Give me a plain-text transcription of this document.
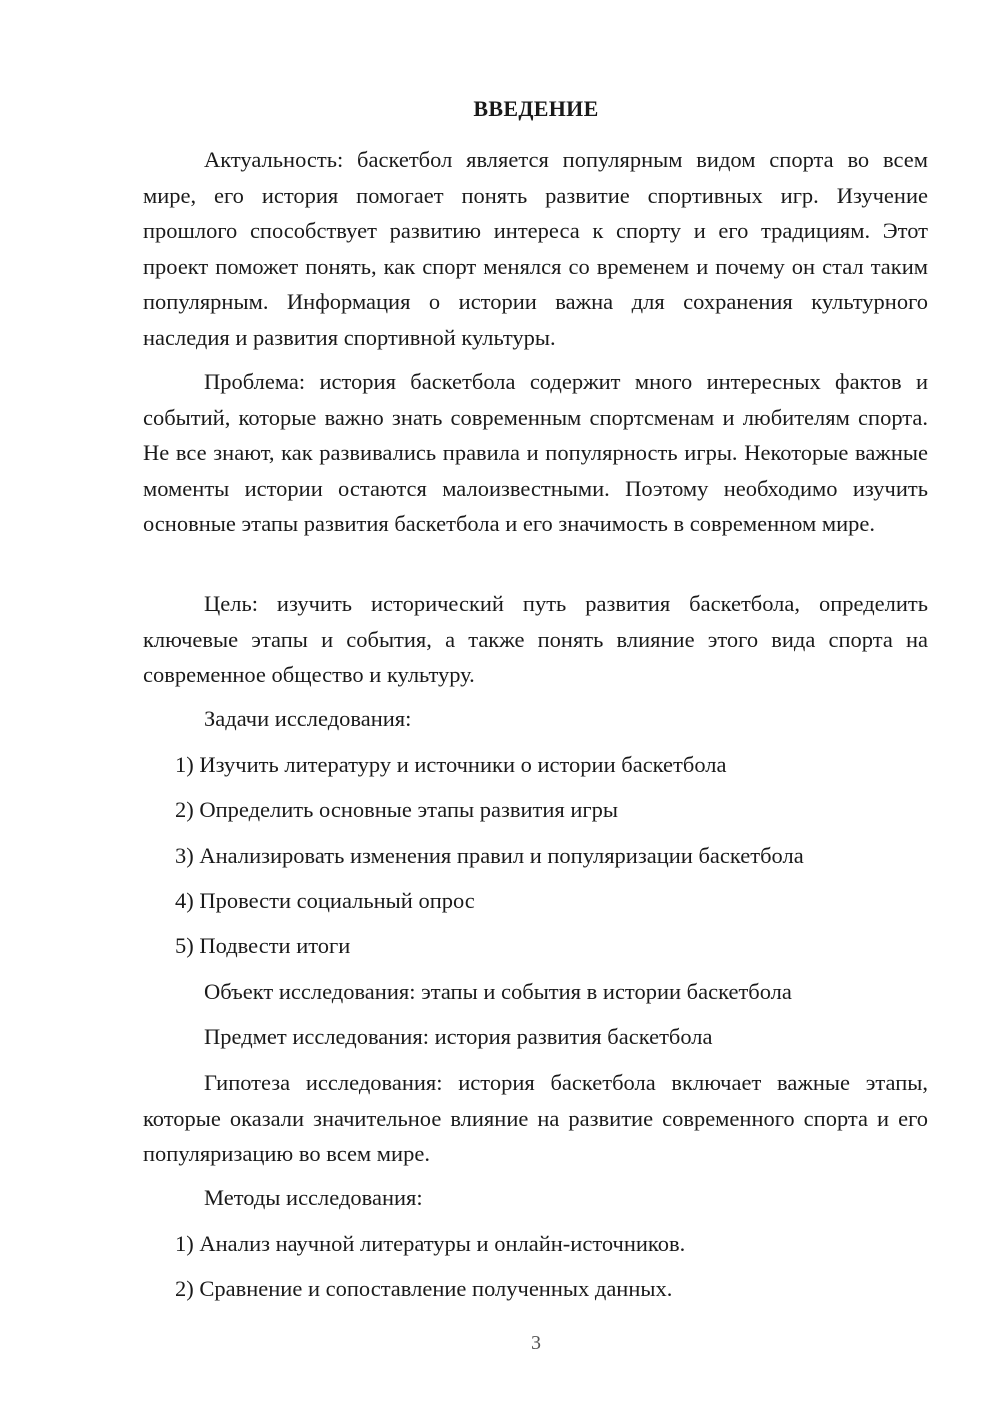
ВВЕДЕНИЕ

Актуальность: баскетбол является популярным видом спорта во всем мире, его история помогает понять развитие спортивных игр. Изучение прошлого способствует развитию интереса к спорту и его традициям. Этот проект поможет понять, как спорт менялся со временем и почему он стал таким популярным. Информация о истории важна для сохранения культурного наследия и развития спортивной культуры.

Проблема: история баскетбола содержит много интересных фактов и событий, которые важно знать современным спортсменам и любителям спорта. Не все знают, как развивались правила и популярность игры. Некоторые важные моменты истории остаются малоизвестными. Поэтому необходимо изучить основные этапы развития баскетбола и его значимость в современном мире.

Цель: изучить исторический путь развития баскетбола, определить ключевые этапы и события, а также понять влияние этого вида спорта на современное общество и культуру.

Задачи исследования:
1) Изучить литературу и источники о истории баскетбола
2) Определить основные этапы развития игры
3) Анализировать изменения правил и популяризации баскетбола
4) Провести социальный опрос
5) Подвести итоги
Объект исследования: этапы и события в истории баскетбола
Предмет исследования: история развития баскетбола

Гипотеза исследования: история баскетбола включает важные этапы, которые оказали значительное влияние на развитие современного спорта и его популяризацию во всем мире.

Методы исследования:
1) Анализ научной литературы и онлайн-источников.
2) Сравнение и сопоставление полученных данных.
3
